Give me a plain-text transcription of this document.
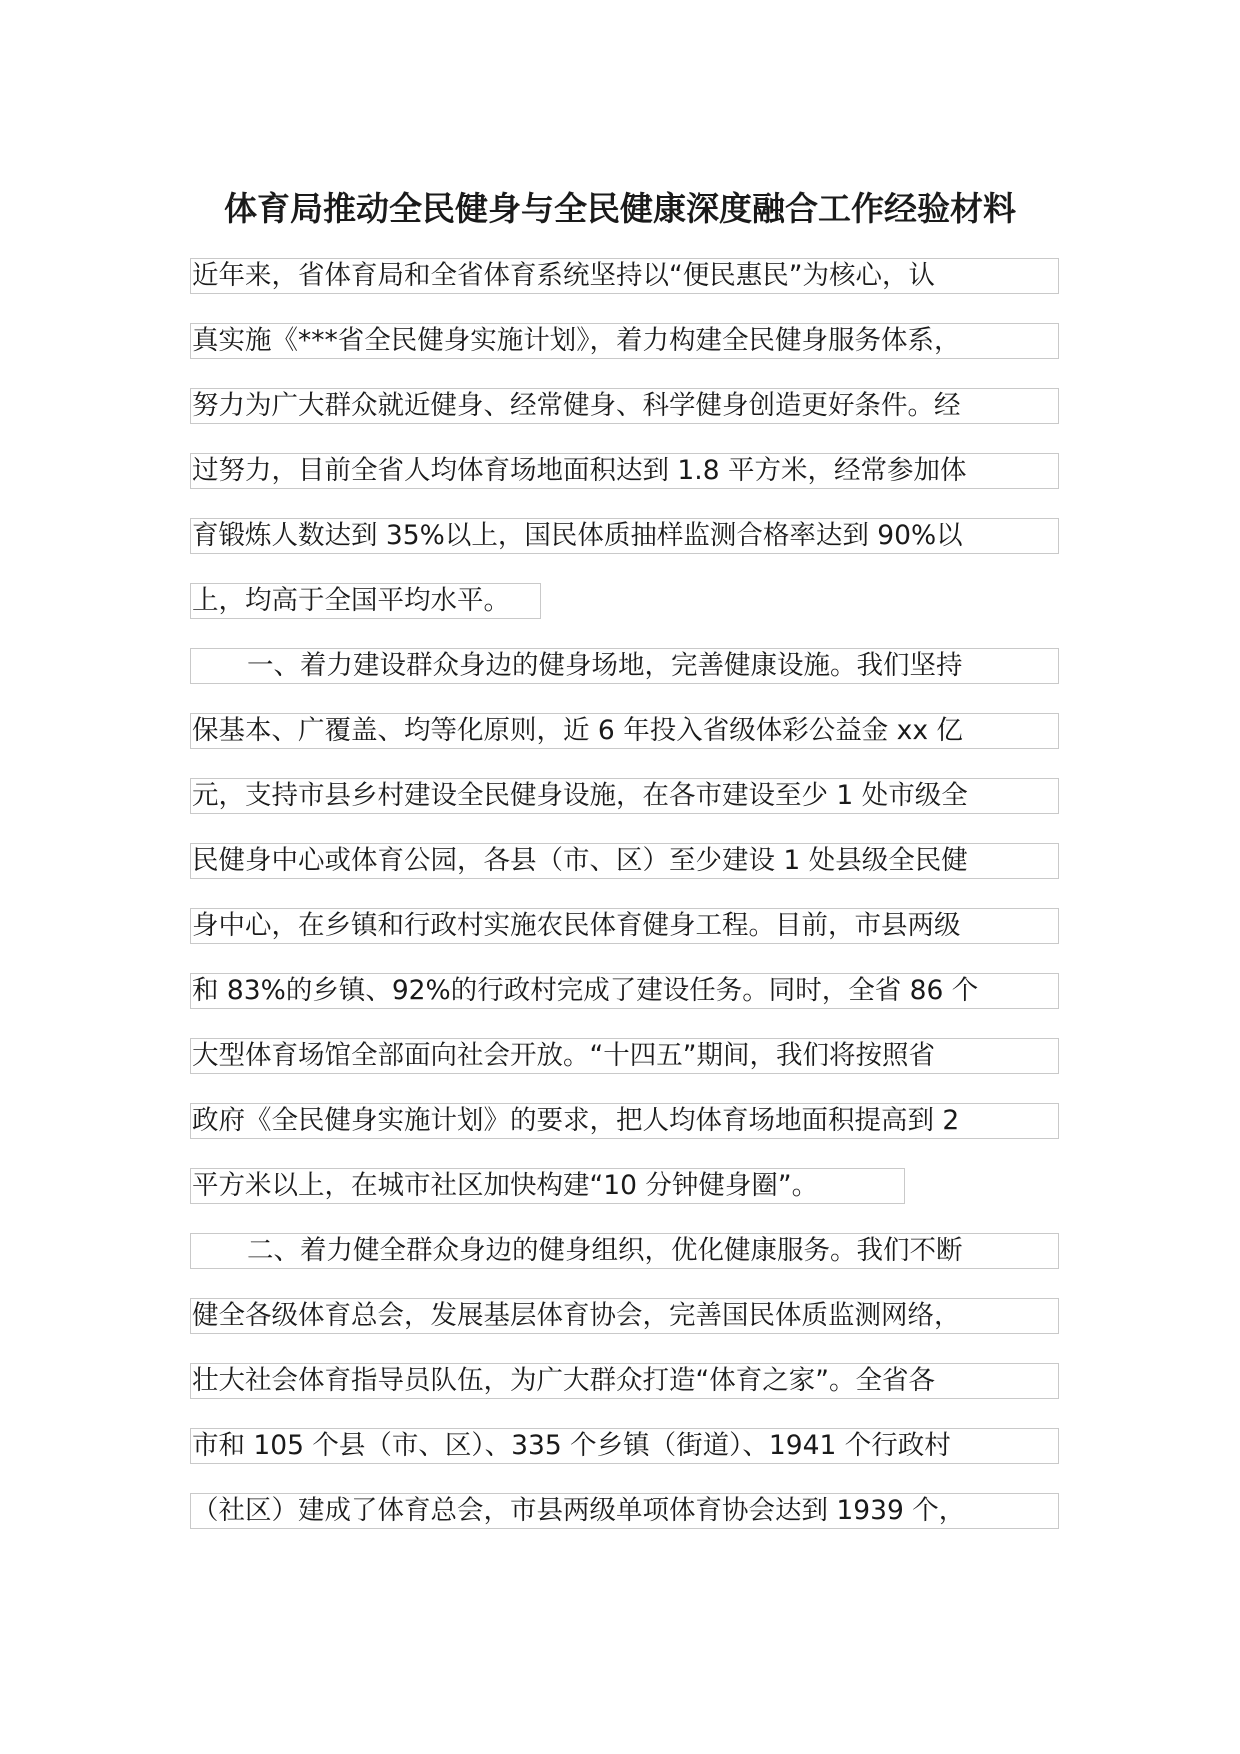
体育局推动全民健身与全民健康深度融合工作经验材料
近年来，省体育局和全省体育系统坚持以“便民惠民”为核心，认
真实施《***省全民健身实施计划》，着力构建全民健身服务体系，
努力为广大群众就近健身、经常健身、科学健身创造更好条件。经
过努力，目前全省人均体育场地面积达到 1.8 平方米，经常参加体
育锻炼人数达到 35%以上，国民体质抽样监测合格率达到 90%以
上，均高于全国平均水平。
一、着力建设群众身边的健身场地，完善健康设施。我们坚持
保基本、广覆盖、均等化原则，近 6 年投入省级体彩公益金 xx 亿
元，支持市县乡村建设全民健身设施，在各市建设至少 1 处市级全
民健身中心或体育公园，各县（市、区）至少建设 1 处县级全民健
身中心，在乡镇和行政村实施农民体育健身工程。目前，市县两级
和 83%的乡镇、92%的行政村完成了建设任务。同时，全省 86 个
大型体育场馆全部面向社会开放。“十四五”期间，我们将按照省
政府《全民健身实施计划》的要求，把人均体育场地面积提高到 2
平方米以上，在城市社区加快构建“10 分钟健身圈”。
二、着力健全群众身边的健身组织，优化健康服务。我们不断
健全各级体育总会，发展基层体育协会，完善国民体质监测网络，
壮大社会体育指导员队伍，为广大群众打造“体育之家”。全省各
市和 105 个县（市、区）、335 个乡镇（街道）、1941 个行政村
（社区）建成了体育总会，市县两级单项体育协会达到 1939 个，
